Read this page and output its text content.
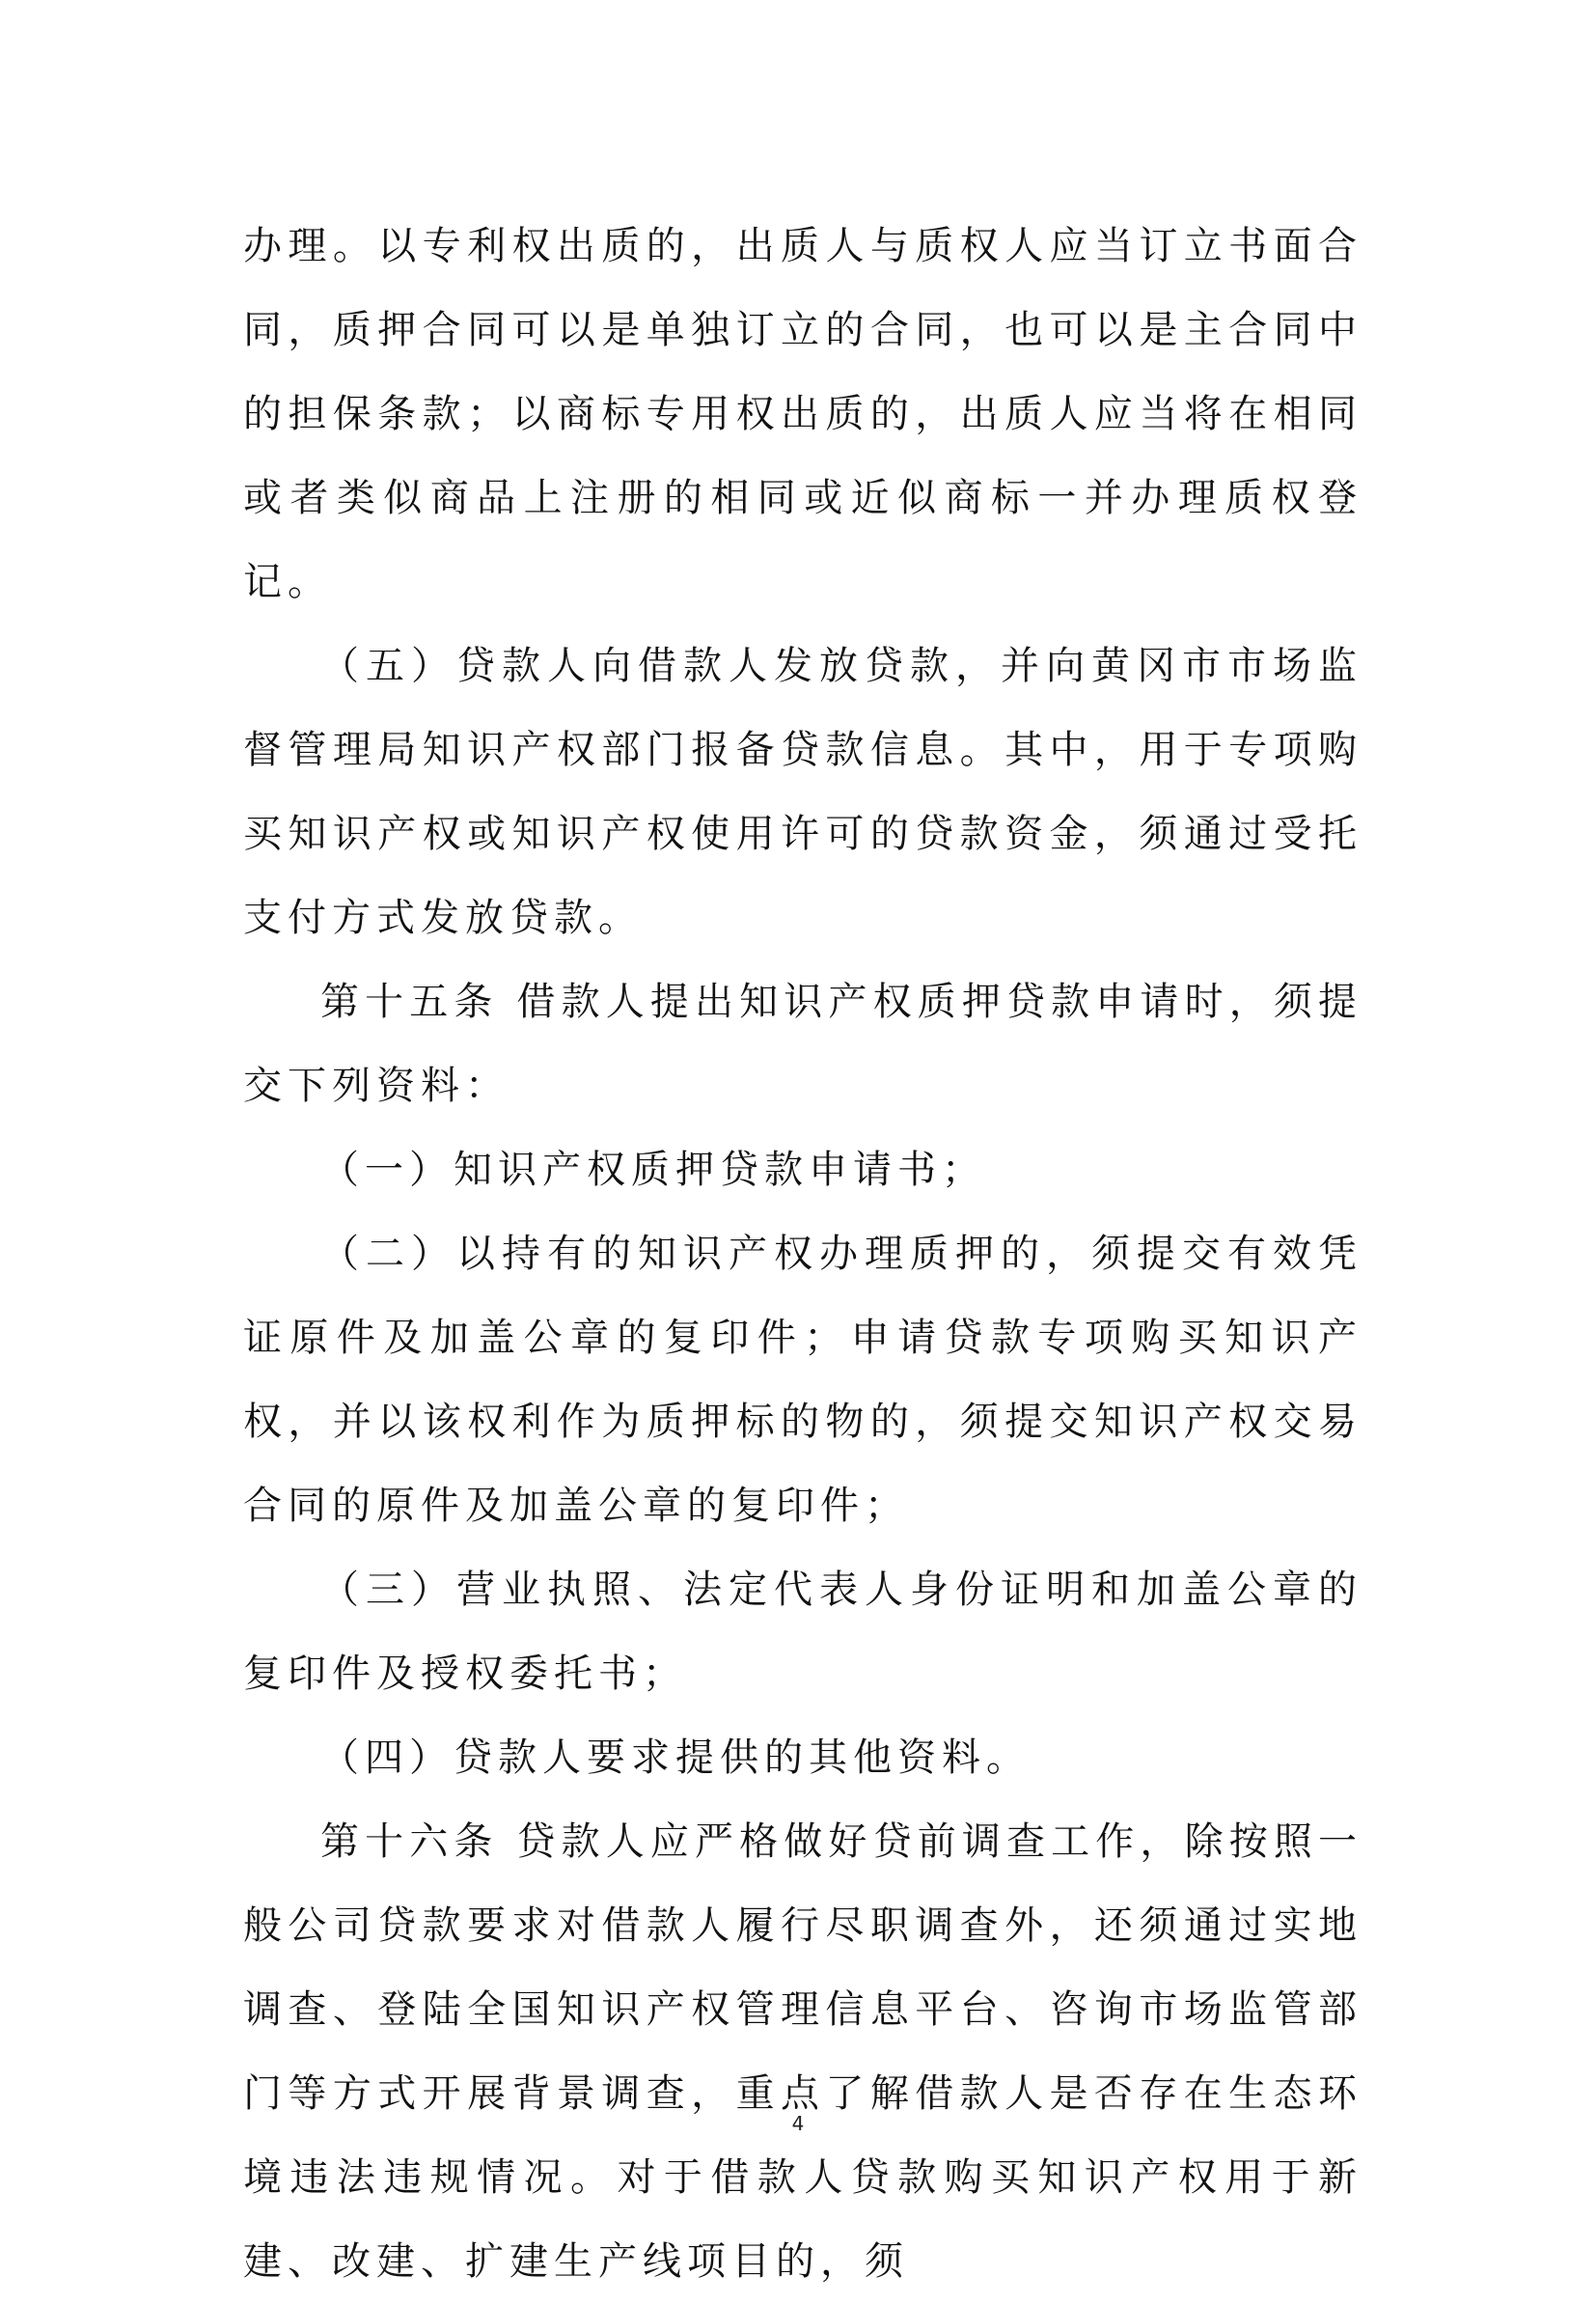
办理。以专利权出质的，出质人与质权人应当订立书面合同，质押合同可以是单独订立的合同，也可以是主合同中的担保条款；以商标专用权出质的，出质人应当将在相同或者类似商品上注册的相同或近似商标一并办理质权登记。

（五）贷款人向借款人发放贷款，并向黄冈市市场监督管理局知识产权部门报备贷款信息。其中，用于专项购买知识产权或知识产权使用许可的贷款资金，须通过受托支付方式发放贷款。

第十五条 借款人提出知识产权质押贷款申请时，须提交下列资料：

（一）知识产权质押贷款申请书；

（二）以持有的知识产权办理质押的，须提交有效凭证原件及加盖公章的复印件；申请贷款专项购买知识产权，并以该权利作为质押标的物的，须提交知识产权交易合同的原件及加盖公章的复印件；

（三）营业执照、法定代表人身份证明和加盖公章的复印件及授权委托书；

（四）贷款人要求提供的其他资料。

第十六条 贷款人应严格做好贷前调查工作，除按照一般公司贷款要求对借款人履行尽职调查外，还须通过实地调查、登陆全国知识产权管理信息平台、咨询市场监管部门等方式开展背景调查，重点了解借款人是否存在生态环境违法违规情况。对于借款人贷款购买知识产权用于新建、改建、扩建生产线项目的，须

4
